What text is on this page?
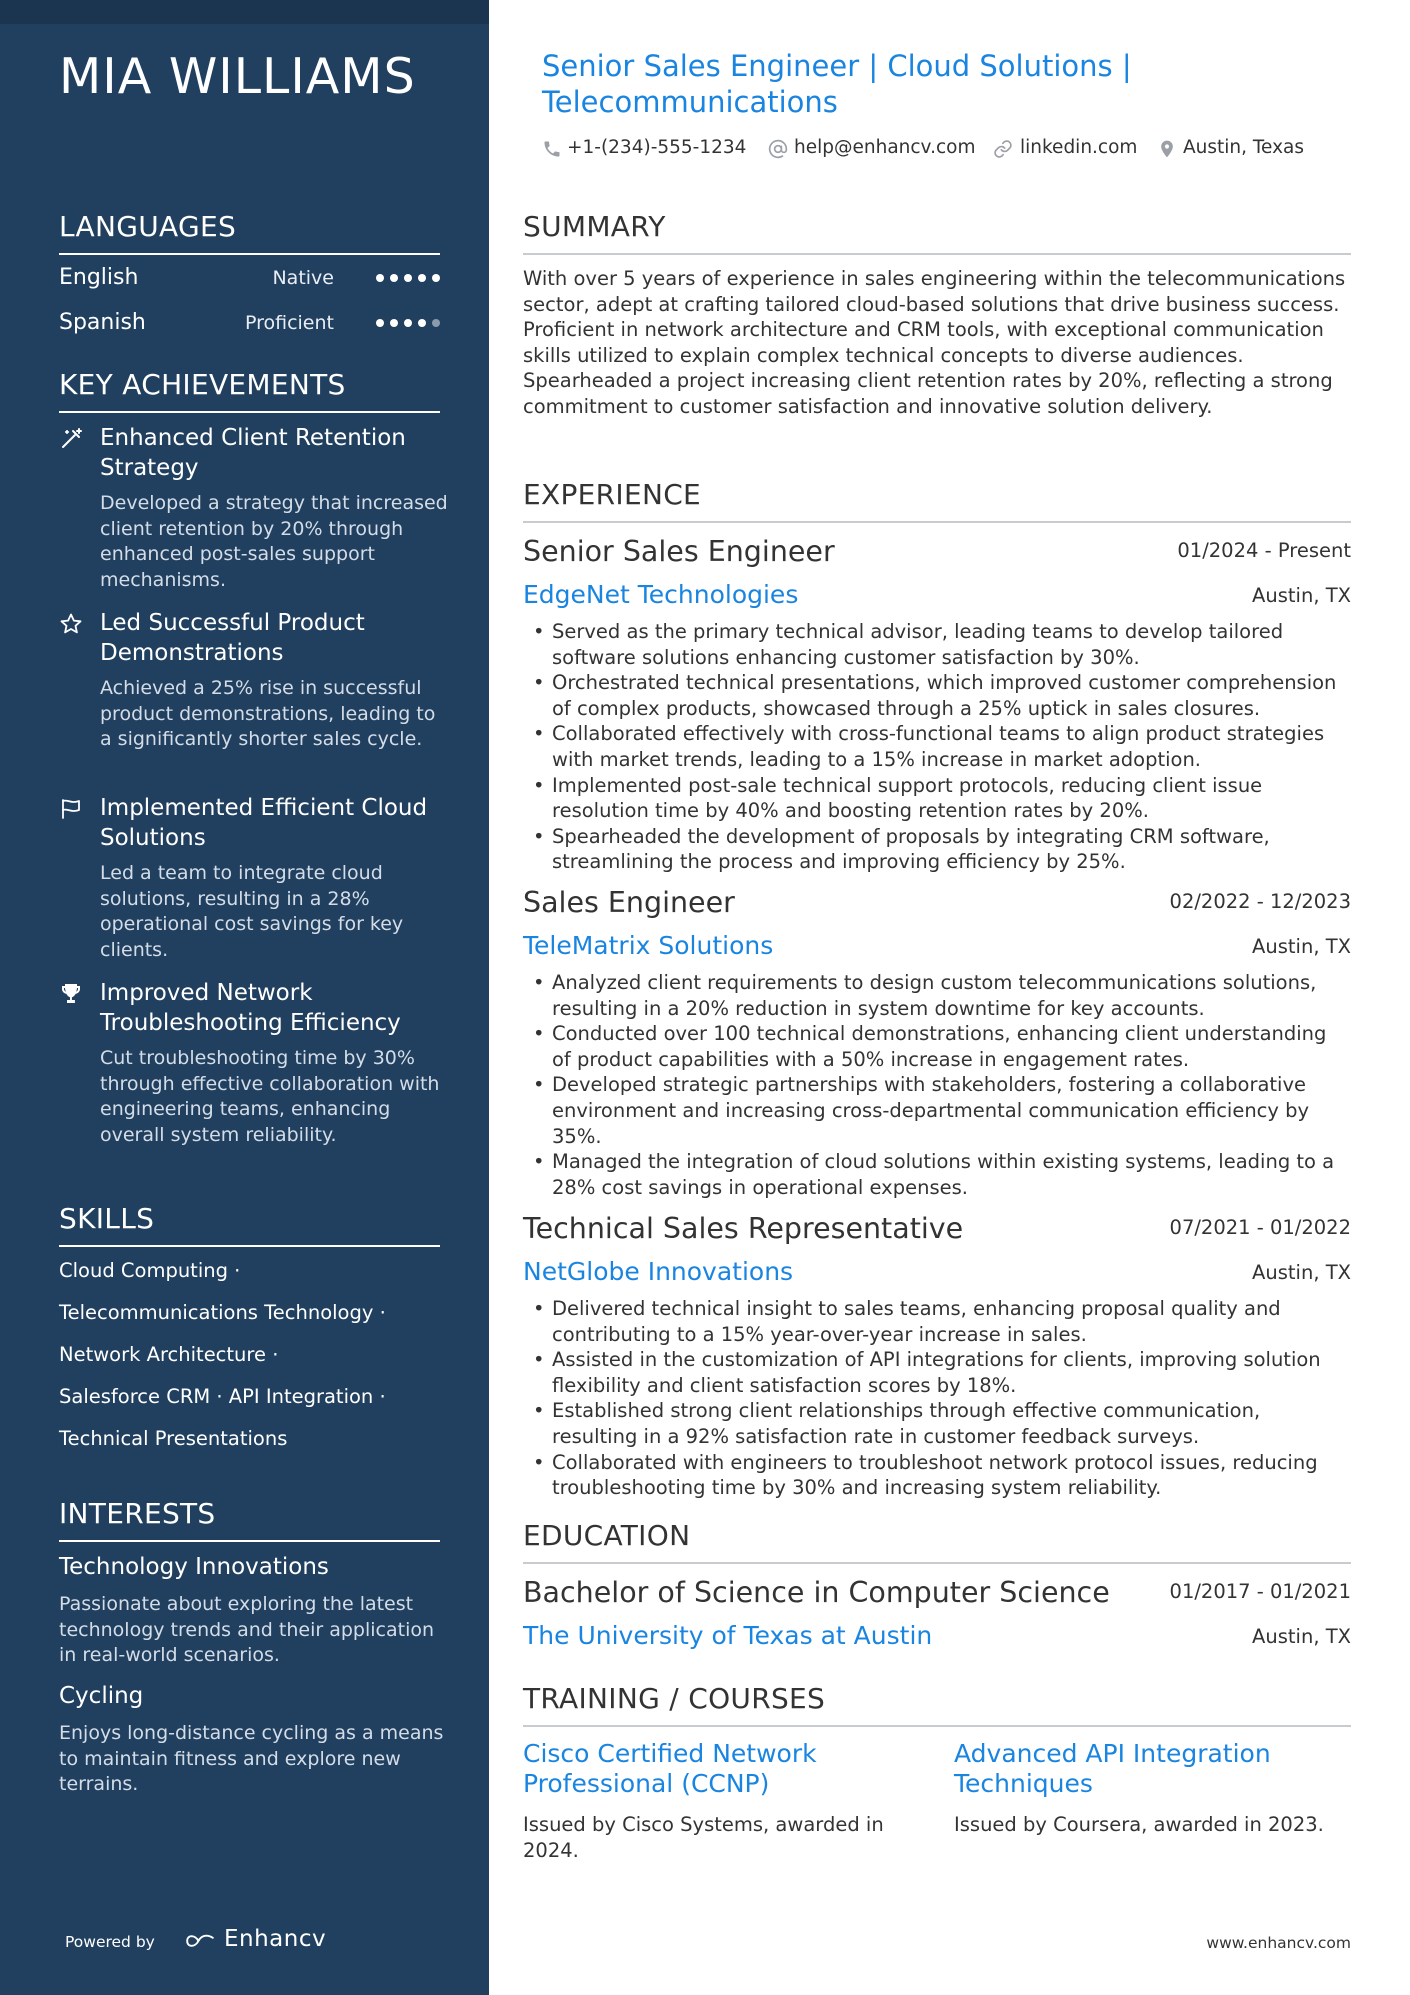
MIA WILLIAMS
LANGUAGES
English	Native
Spanish	Proficient
KEY ACHIEVEMENTS
Enhanced Client Retention Strategy
Developed a strategy that increased client retention by 20% through enhanced post-sales support mechanisms.
Led Successful Product Demonstrations
Achieved a 25% rise in successful product demonstrations, leading to a significantly shorter sales cycle.
Implemented Efficient Cloud Solutions
Led a team to integrate cloud solutions, resulting in a 28% operational cost savings for key clients.
Improved Network Troubleshooting Efficiency
Cut troubleshooting time by 30% through effective collaboration with engineering teams, enhancing overall system reliability.
SKILLS
Cloud Computing ·
Telecommunications Technology ·
Network Architecture ·
Salesforce CRM · API Integration ·
Technical Presentations
INTERESTS
Technology Innovations
Passionate about exploring the latest technology trends and their application in real-world scenarios.
Cycling
Enjoys long-distance cycling as a means to maintain fitness and explore new terrains.
Powered by	Enhancv
Senior Sales Engineer | Cloud Solutions | Telecommunications
+1-(234)-555-1234	help@enhancv.com linkedin.com Austin, Texas
SUMMARY
With over 5 years of experience in sales engineering within the telecommunications sector, adept at crafting tailored cloud-based solutions that drive business success. Proficient in network architecture and CRM tools, with exceptional communication skills utilized to explain complex technical concepts to diverse audiences. Spearheaded a project increasing client retention rates by 20%, reflecting a strong commitment to customer satisfaction and innovative solution delivery.
EXPERIENCE
Senior Sales Engineer	01/2024 - Present
EdgeNet Technologies	Austin, TX
• Served as the primary technical advisor, leading teams to develop tailored software solutions enhancing customer satisfaction by 30%.
• Orchestrated technical presentations, which improved customer comprehension of complex products, showcased through a 25% uptick in sales closures.
• Collaborated effectively with cross-functional teams to align product strategies with market trends, leading to a 15% increase in market adoption.
• Implemented post-sale technical support protocols, reducing client issue resolution time by 40% and boosting retention rates by 20%.
• Spearheaded the development of proposals by integrating CRM software, streamlining the process and improving efficiency by 25%.
Sales Engineer	02/2022 - 12/2023
TeleMatrix Solutions	Austin, TX
• Analyzed client requirements to design custom telecommunications solutions, resulting in a 20% reduction in system downtime for key accounts.
• Conducted over 100 technical demonstrations, enhancing client understanding of product capabilities with a 50% increase in engagement rates.
• Developed strategic partnerships with stakeholders, fostering a collaborative environment and increasing cross-departmental communication efficiency by 35%.
• Managed the integration of cloud solutions within existing systems, leading to a 28% cost savings in operational expenses.
Technical Sales Representative	07/2021 - 01/2022
NetGlobe Innovations	Austin, TX
• Delivered technical insight to sales teams, enhancing proposal quality and contributing to a 15% year-over-year increase in sales.
• Assisted in the customization of API integrations for clients, improving solution flexibility and client satisfaction scores by 18%.
• Established strong client relationships through effective communication, resulting in a 92% satisfaction rate in customer feedback surveys.
• Collaborated with engineers to troubleshoot network protocol issues, reducing troubleshooting time by 30% and increasing system reliability.
EDUCATION
Bachelor of Science in Computer Science	01/2017 - 01/2021
The University of Texas at Austin	Austin, TX
TRAINING / COURSES
Cisco Certified Network Professional (CCNP)
Issued by Cisco Systems, awarded in 2024.
Advanced API Integration Techniques
Issued by Coursera, awarded in 2023.
www.enhancv.com
